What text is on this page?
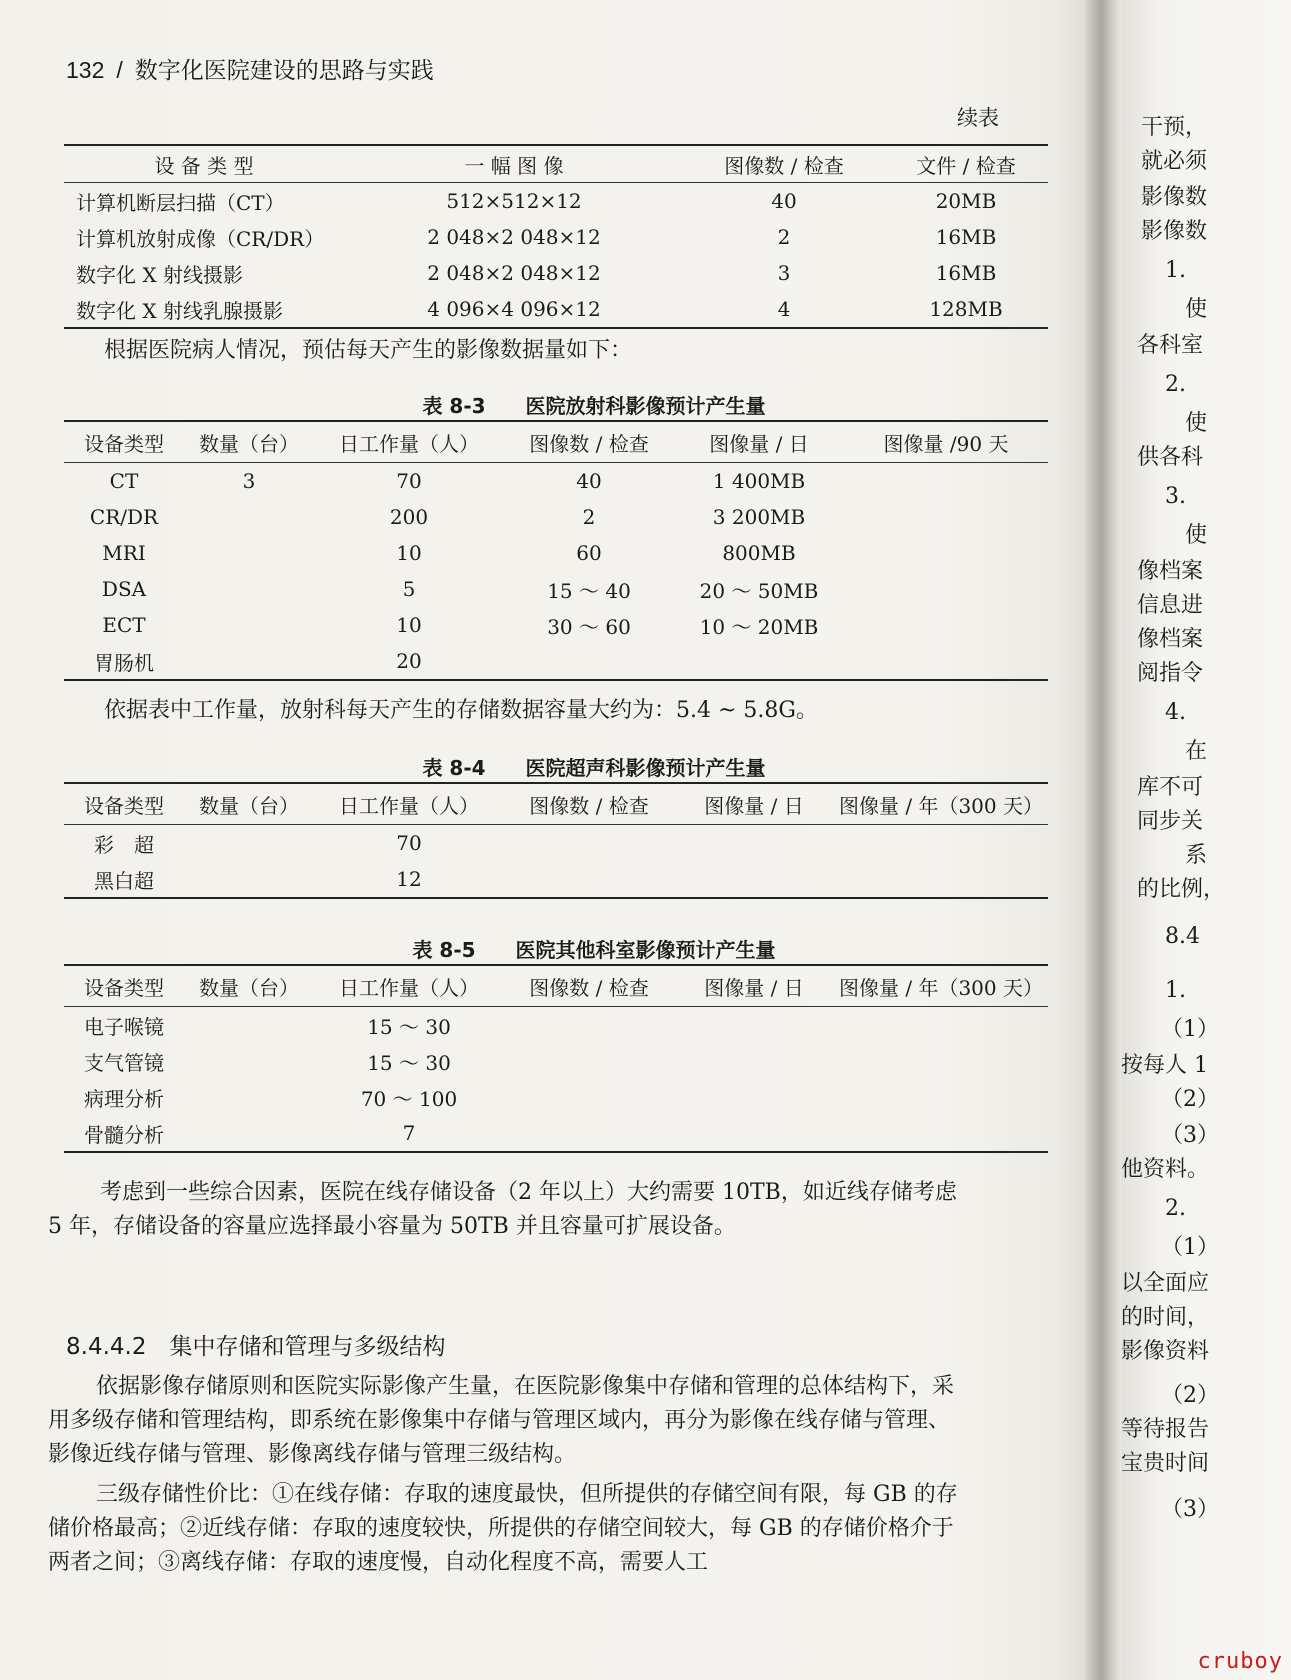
132 / 数字化医院建设的思路与实践
续表
设 备 类 型	一 幅 图 像	图像数 / 检查	文件 / 检查
计算机断层扫描（CT）	512×512×12	40	20MB
计算机放射成像（CR/DR）	2 048×2 048×12	2	16MB
数字化 X 射线摄影	2 048×2 048×12	3	16MB
数字化 X 射线乳腺摄影	4 096×4 096×12	4	128MB
根据医院病人情况，预估每天产生的影像数据量如下：
表 8-3　　医院放射科影像预计产生量
设备类型	数量（台）	日工作量（人）	图像数 / 检查	图像量 / 日	图像量 /90 天
CT	3	70	40	1 400MB	
CR/DR		200	2	3 200MB	
MRI		10	60	800MB	
DSA		5	15 ～ 40	20 ～ 50MB	
ECT		10	30 ～ 60	10 ～ 20MB	
胃肠机		20			
依据表中工作量，放射科每天产生的存储数据容量大约为：5.4 ~ 5.8G。
表 8-4　　医院超声科影像预计产生量
设备类型	数量（台）	日工作量（人）	图像数 / 检查	图像量 / 日	图像量 / 年（300 天）
彩　超		70			
黑白超		12			
表 8-5　　医院其他科室影像预计产生量
设备类型	数量（台）	日工作量（人）	图像数 / 检查	图像量 / 日	图像量 / 年（300 天）
电子喉镜		15 ～ 30			
支气管镜		15 ～ 30			
病理分析		70 ～ 100			
骨髓分析		7			
考虑到一些综合因素，医院在线存储设备（2 年以上）大约需要 10TB，如近线存储考虑 5 年，存储设备的容量应选择最小容量为 50TB 并且容量可扩展设备。
8.4.4.2　集中存储和管理与多级结构
依据影像存储原则和医院实际影像产生量，在医院影像集中存储和管理的总体结构下，采用多级存储和管理结构，即系统在影像集中存储与管理区域内，再分为影像在线存储与管理、影像近线存储与管理、影像离线存储与管理三级结构。
三级存储性价比：①在线存储：存取的速度最快，但所提供的存储空间有限，每 GB 的存储价格最高；②近线存储：存取的速度较快，所提供的存储空间较大，每 GB 的存储价格介于两者之间；③离线存储：存取的速度慢，自动化程度不高，需要人工
干预，
就必须
影像数
影像数
1.
使
各科室
2.
使
供各科
3.
使
像档案
信息进
像档案
阅指令
4.
在
库不可
同步关
系
的比例，
8.4
1.
（1）
按每人 1
（2）
（3）
他资料。
2.
（1）
以全面应
的时间，
影像资料
（2）
等待报告
宝贵时间
（3）
cruboy
